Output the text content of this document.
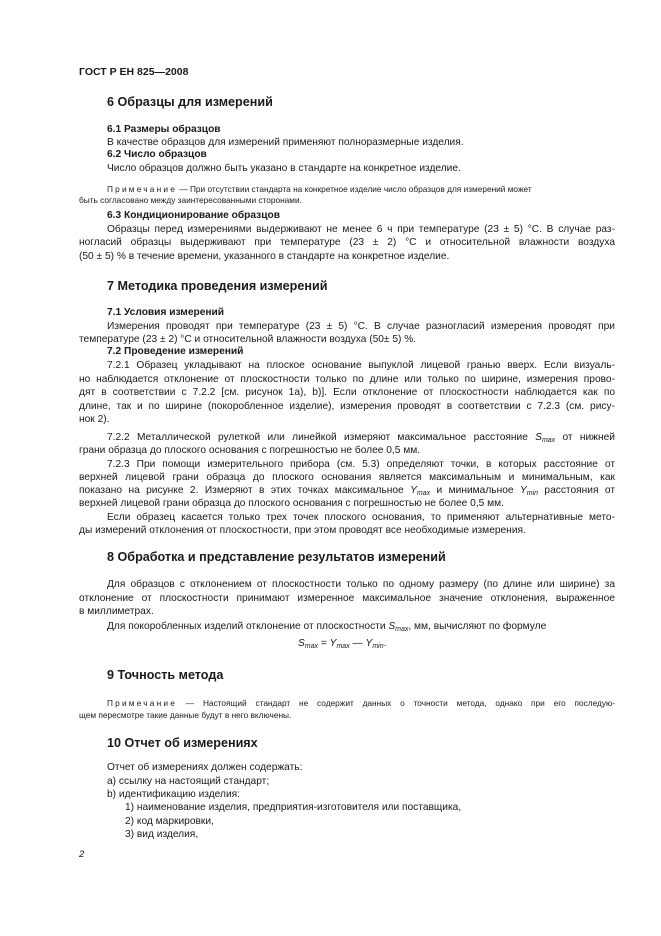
ГОСТ Р ЕН 825—2008
6 Образцы для измерений
6.1 Размеры образцов
В качестве образцов для измерений применяют полноразмерные изделия.
6.2 Число образцов
Число образцов должно быть указано в стандарте на конкретное изделие.
Примечание — При отсутствии стандарта на конкретное изделие число образцов для измерений может
быть согласовано между заинтересованными сторонами.
6.3 Кондиционирование образцов
Образцы перед измерениями выдерживают не менее 6 ч при температуре (23 ± 5) °С. В случае раз-
ногласий образцы выдерживают при температуре (23 ± 2) °С и относительной влажности воздуха
(50 ± 5) % в течение времени, указанного в стандарте на конкретное изделие.
7 Методика проведения измерений
7.1 Условия измерений
Измерения проводят при температуре (23 ± 5) °С. В случае разногласий измерения проводят при
температуре (23 ± 2) °С и относительной влажности воздуха (50± 5) %.
7.2 Проведение измерений
7.2.1 Образец укладывают на плоское основание выпуклой лицевой гранью вверх. Если визуаль-
но наблюдается отклонение от плоскостности только по длине или только по ширине, измерения прово-
дят в соответствии с 7.2.2 [см. рисунок 1а), b)]. Если отклонение от плоскостности наблюдается как по
длине, так и по ширине (покоробленное изделие), измерения проводят в соответствии с 7.2.3 (см. рису-
нок 2).
7.2.2 Металлической рулеткой или линейкой измеряют максимальное расстояние $S_{max}$ от нижней
грани образца до плоского основания с погрешностью не более 0,5 мм.
7.2.3 При помощи измерительного прибора (см. 5.3) определяют точки, в которых расстояние от
верхней лицевой грани образца до плоского основания является максимальным и минимальным, как
показано на рисунке 2. Измеряют в этих точках максимальное $Y_{max}$ и минимальное $Y_{min}$ расстояния от
верхней лицевой грани образца до плоского основания с погрешностью не более 0,5 мм.
Если образец касается только трех точек плоского основания, то применяют альтернативные мето-
ды измерений отклонения от плоскостности, при этом проводят все необходимые измерения.
8 Обработка и представление результатов измерений
Для образцов с отклонением от плоскостности только по одному размеру (по длине или ширине) за
отклонение от плоскостности принимают измеренное максимальное значение отклонения, выраженное
в миллиметрах.
Для покоробленных изделий отклонение от плоскостности $S_{max}$, мм, вычисляют по формуле
$S_{max} = Y_{max}$ — $Y_{min}$.
9 Точность метода
Примечание — Настоящий стандарт не содержит данных о точности метода, однако при его последую-
щем пересмотре такие данные будут в него включены.
10 Отчет об измерениях
Отчет об измерениях должен содержать:
a) ссылку на настоящий стандарт;
b) идентификацию изделия:
1) наименование изделия, предприятия-изготовителя или поставщика,
2) код маркировки,
3) вид изделия,
2
